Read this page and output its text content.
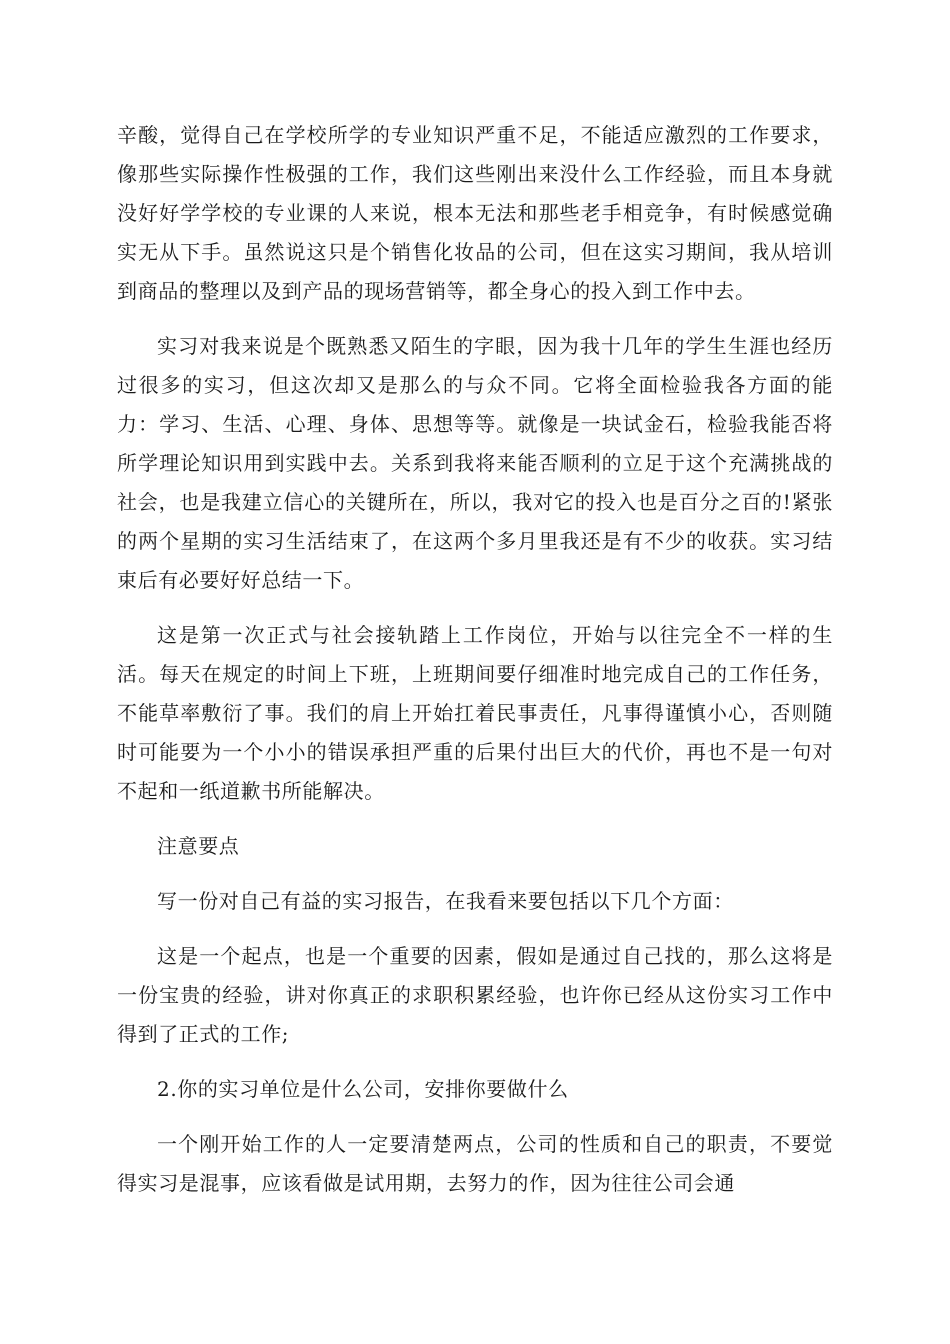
辛酸，觉得自己在学校所学的专业知识严重不足，不能适应激烈的工作要求，像那些实际操作性极强的工作，我们这些刚出来没什么工作经验，而且本身就没好好学学校的专业课的人来说，根本无法和那些老手相竞争，有时候感觉确实无从下手。虽然说这只是个销售化妆品的公司，但在这实习期间，我从培训到商品的整理以及到产品的现场营销等，都全身心的投入到工作中去。

实习对我来说是个既熟悉又陌生的字眼，因为我十几年的学生生涯也经历过很多的实习，但这次却又是那么的与众不同。它将全面检验我各方面的能力：学习、生活、心理、身体、思想等等。就像是一块试金石，检验我能否将所学理论知识用到实践中去。关系到我将来能否顺利的立足于这个充满挑战的社会，也是我建立信心的关键所在，所以，我对它的投入也是百分之百的!紧张的两个星期的实习生活结束了，在这两个多月里我还是有不少的收获。实习结束后有必要好好总结一下。

这是第一次正式与社会接轨踏上工作岗位，开始与以往完全不一样的生活。每天在规定的时间上下班，上班期间要仔细准时地完成自己的工作任务，不能草率敷衍了事。我们的肩上开始扛着民事责任，凡事得谨慎小心，否则随时可能要为一个小小的错误承担严重的后果付出巨大的代价，再也不是一句对不起和一纸道歉书所能解决。

注意要点

写一份对自己有益的实习报告，在我看来要包括以下几个方面：

这是一个起点，也是一个重要的因素，假如是通过自己找的，那么这将是一份宝贵的经验，讲对你真正的求职积累经验，也许你已经从这份实习工作中得到了正式的工作;

2.你的实习单位是什么公司，安排你要做什么

一个刚开始工作的人一定要清楚两点，公司的性质和自己的职责，不要觉得实习是混事，应该看做是试用期，去努力的作，因为往往公司会通
